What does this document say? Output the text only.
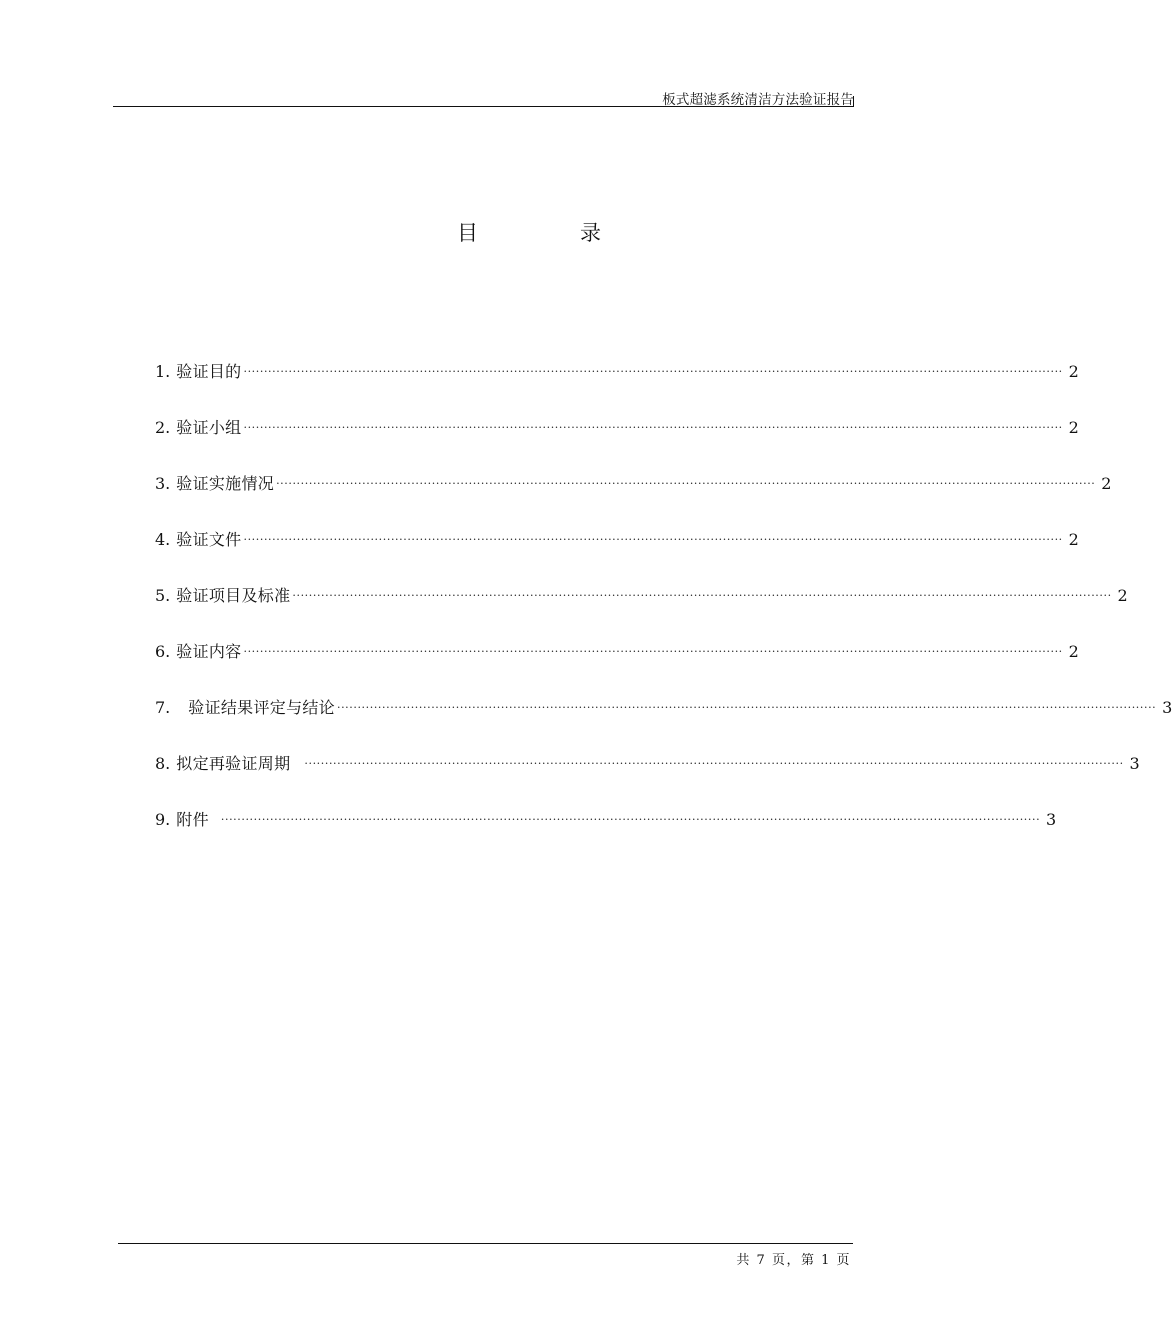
板式超滤系统清洁方法验证报告
目	录
1. 验证目的 ········································································································································································································ 2
2. 验证小组 ········································································································································································································ 2
3. 验证实施情况 ········································································································································································································ 2
4. 验证文件 ········································································································································································································ 2
5. 验证项目及标准 ········································································································································································································ 2
6. 验证内容 ········································································································································································································ 2
7. 验证结果评定与结论 ········································································································································································································ 3
8. 拟定再验证周期 ········································································································································································································ 3
9. 附件 ········································································································································································································ 3
共 7 页，第 1 页
